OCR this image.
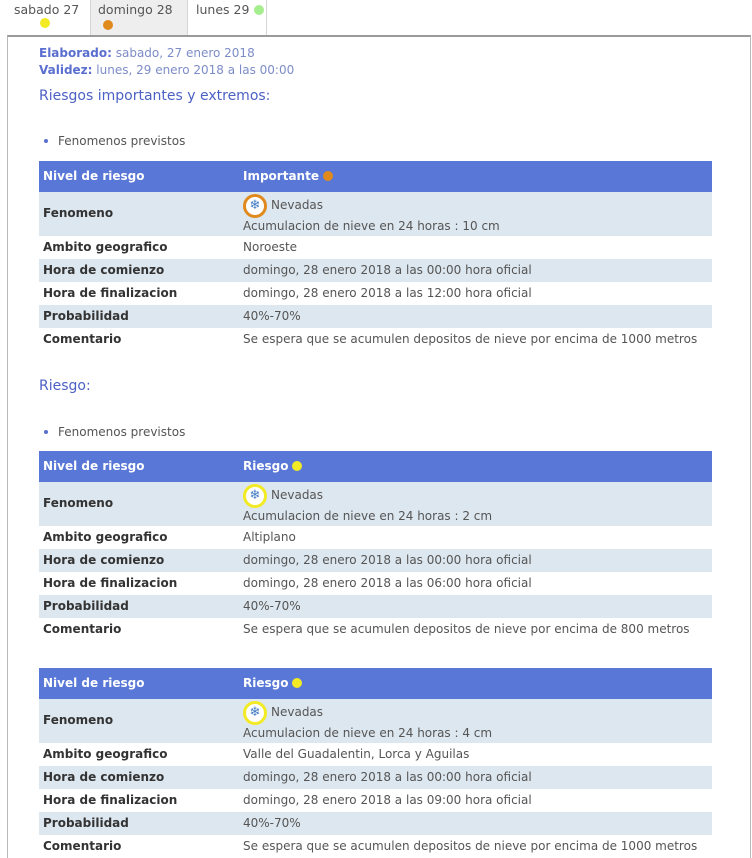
sabado 27	domingo 28	lunes 29
Elaborado: sabado, 27 enero 2018
Validez: lunes, 29 enero 2018 a las 00:00
Riesgos importantes y extremos:
Fenomenos previstos
Nivel de riesgo	Importante
Fenomeno	❄ Nevadas
Acumulacion de nieve en 24 horas : 10 cm
Ambito geografico	Noroeste
Hora de comienzo	domingo, 28 enero 2018 a las 00:00 hora oficial
Hora de finalizacion	domingo, 28 enero 2018 a las 12:00 hora oficial
Probabilidad	40%-70%
Comentario	Se espera que se acumulen depositos de nieve por encima de 1000 metros
Riesgo:
Fenomenos previstos
Nivel de riesgo	Riesgo
Fenomeno	❄ Nevadas
Acumulacion de nieve en 24 horas : 2 cm
Ambito geografico	Altiplano
Hora de comienzo	domingo, 28 enero 2018 a las 00:00 hora oficial
Hora de finalizacion	domingo, 28 enero 2018 a las 06:00 hora oficial
Probabilidad	40%-70%
Comentario	Se espera que se acumulen depositos de nieve por encima de 800 metros
Nivel de riesgo	Riesgo
Fenomeno	❄ Nevadas
Acumulacion de nieve en 24 horas : 4 cm
Ambito geografico	Valle del Guadalentin, Lorca y Aguilas
Hora de comienzo	domingo, 28 enero 2018 a las 00:00 hora oficial
Hora de finalizacion	domingo, 28 enero 2018 a las 09:00 hora oficial
Probabilidad	40%-70%
Comentario	Se espera que se acumulen depositos de nieve por encima de 1000 metros
